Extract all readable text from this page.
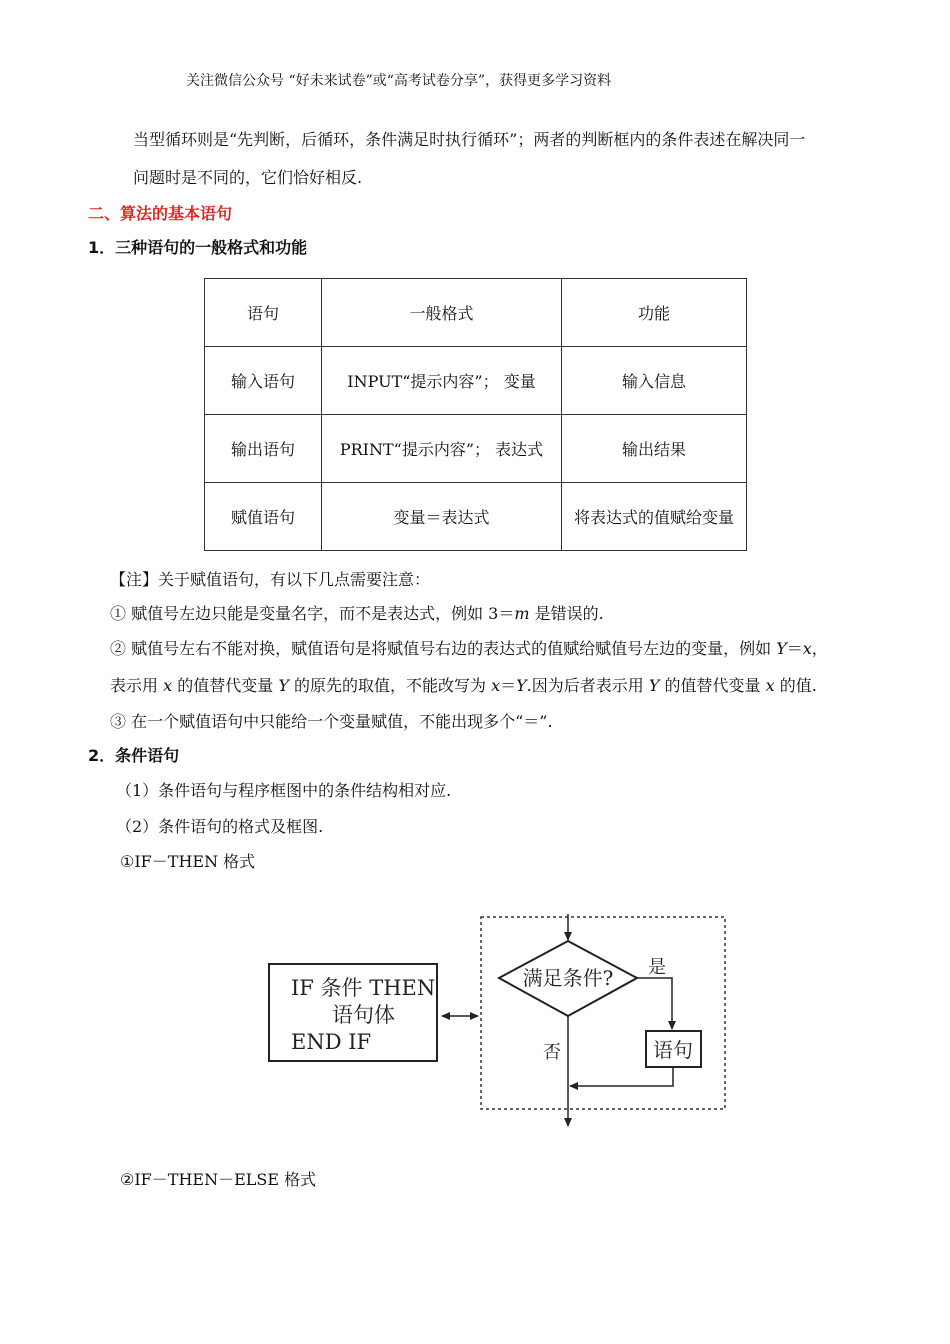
关注微信公众号 “好未来试卷”或“高考试卷分享”，获得更多学习资料
当型循环则是“先判断，后循环，条件满足时执行循环”；两者的判断框内的条件表述在解决同一
问题时是不同的，它们恰好相反.
二、算法的基本语句
1．三种语句的一般格式和功能
语句	一般格式	功能
输入语句	INPUT“提示内容”； 变量	输入信息
输出语句	PRINT“提示内容”； 表达式	输出结果
赋值语句	变量＝表达式	将表达式的值赋给变量
【注】关于赋值语句，有以下几点需要注意：
① 赋值号左边只能是变量名字，而不是表达式，例如 3＝m 是错误的.
② 赋值号左右不能对换，赋值语句是将赋值号右边的表达式的值赋给赋值号左边的变量，例如 Y＝x，
表示用 x 的值替代变量 Y 的原先的取值，不能改写为 x＝Y.因为后者表示用 Y 的值替代变量 x 的值.
③ 在一个赋值语句中只能给一个变量赋值，不能出现多个“＝”.
2．条件语句
（1）条件语句与程序框图中的条件结构相对应.
（2）条件语句的格式及框图.
①IF－THEN 格式
IF 条件 THEN
语句体
END IF
满足条件? 是
语句
否
②IF－THEN－ELSE 格式
